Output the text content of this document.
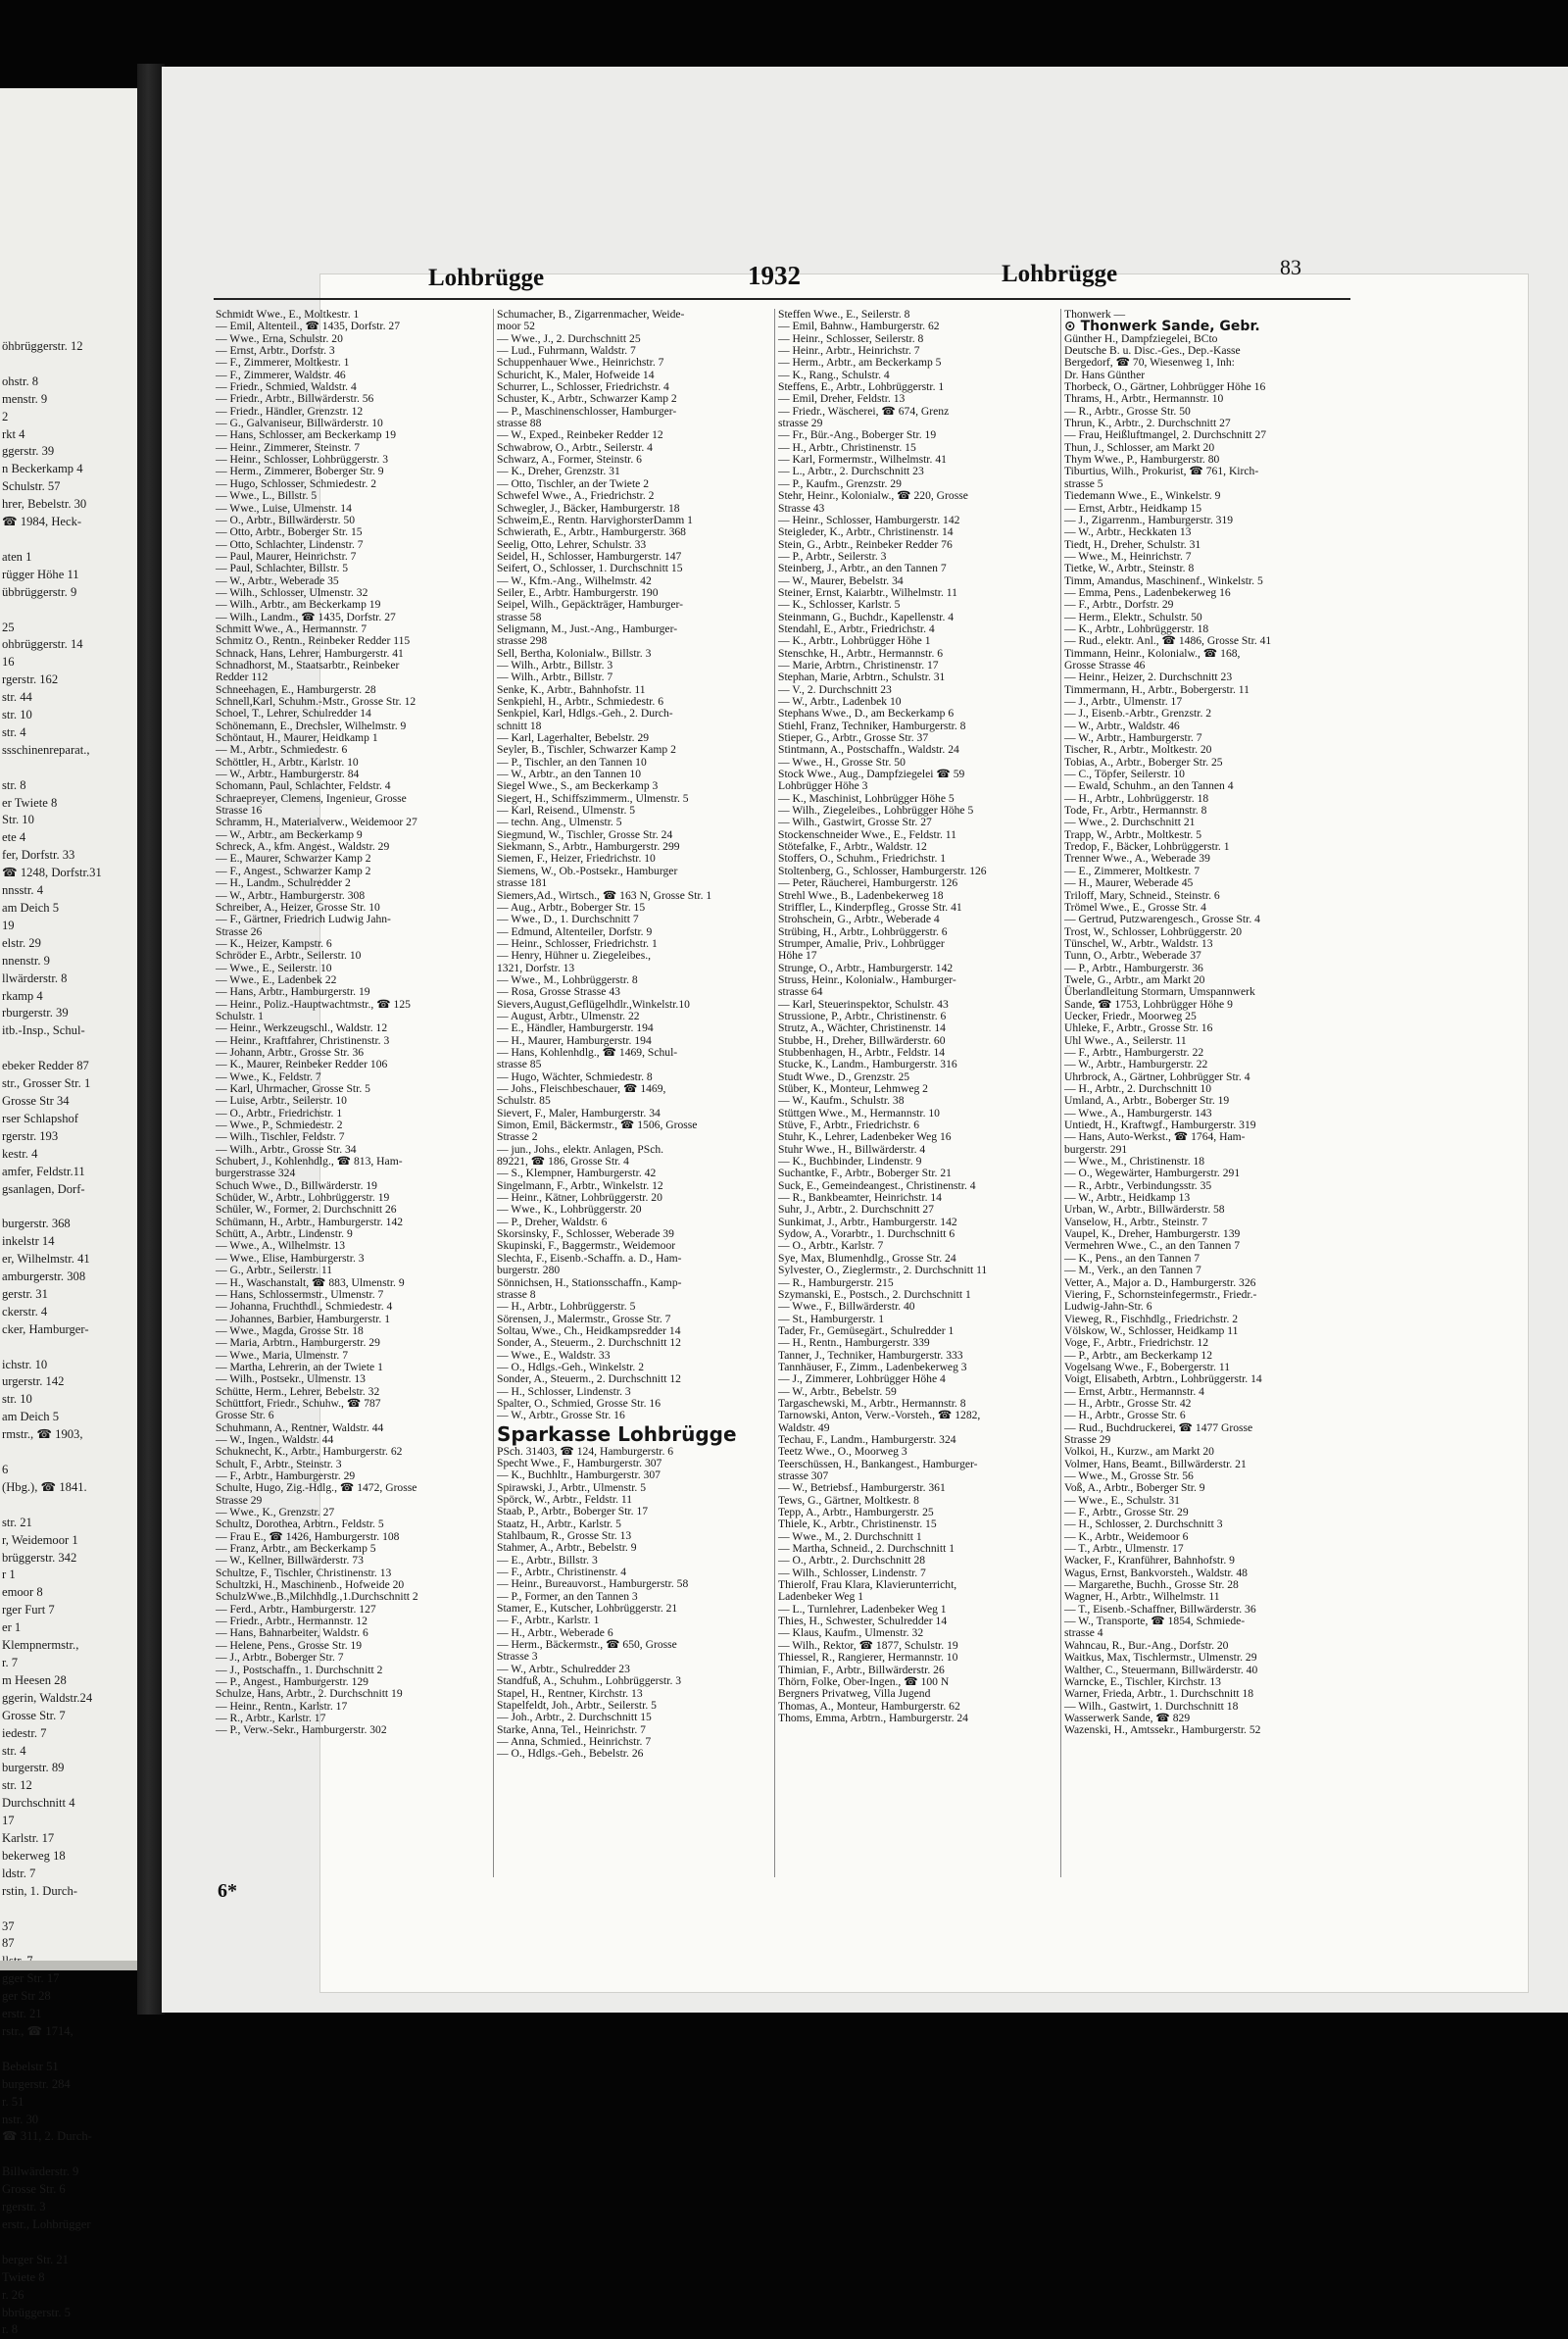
öhbrüggerstr. 12

ohstr. 8
menstr. 9
2
rkt 4
ggerstr. 39
n Beckerkamp 4
Schulstr. 57
hrer, Bebelstr. 30
☎ 1984, Heck-

aten 1
rügger Höhe 11
übbrüggerstr. 9

25
ohbrüggerstr. 14
16
rgerstr. 162
str. 44
str. 10
str. 4
ssschinenreparat.,

str. 8
er Twiete 8
Str. 10
ete 4
fer, Dorfstr. 33
☎ 1248, Dorfstr.31
nnsstr. 4
am Deich 5
19
elstr. 29
nnenstr. 9
llwärderstr. 8
rkamp 4
rburgerstr. 39
itb.-Insp., Schul-

ebeker Redder 87
str., Grosser Str. 1
Grosse Str 34
rser Schlapshof
rgerstr. 193
kestr. 4
amfer, Feldstr.11
gsanlagen, Dorf-

burgerstr. 368
inkelstr 14
er, Wilhelmstr. 41
amburgerstr. 308
gerstr. 31
ckerstr. 4
cker, Hamburger-

ichstr. 10
urgerstr. 142
str. 10
am Deich 5
rmstr., ☎ 1903,

6
(Hbg.), ☎ 1841.

str. 21
r, Weidemoor 1
brüggerstr. 342
r 1
emoor 8
rger Furt 7
er 1
Klempnermstr.,
r. 7
m Heesen 28
ggerin, Waldstr.24
Grosse Str. 7
iedestr. 7
str. 4
burgerstr. 89
str. 12
Durchschnitt 4
17
Karlstr. 17
bekerweg 18
ldstr. 7
rstin, 1. Durch-

37
87
gger Str. 17
ger Str 28
erstr. 21
rstr., ☎ 1714,

Bebelstr 51
burgerstr. 284
r. 51
nstr. 30
☎ 311, 2. Durch-

Billwärderstr. 9
Grosse Str. 6
rgerstr. 3
erstr., Lohbrügger

berger Str. 21
Twiete 8
r. 26
bbrüggerstr. 5
r. 8
Lohbrügge	1932	Lohbrügge	83
Schmidt Wwe., E., Moltkestr. 1
— Emil, Altenteil., ☎ 1435, Dorfstr. 27
— Wwe., Erna, Schulstr. 20
— Ernst, Arbtr., Dorfstr. 3
— F., Zimmerer, Moltkestr. 1
— F., Zimmerer, Waldstr. 46
— Friedr., Schmied, Waldstr. 4
— Friedr., Arbtr., Billwärderstr. 56
— Friedr., Händler, Grenzstr. 12
— G., Galvaniseur, Billwärderstr. 10
— Hans, Schlosser, am Beckerkamp 19
— Heinr., Zimmerer, Steinstr. 7
— Heinr., Schlosser, Lohbrüggerstr. 3
— Herm., Zimmerer, Boberger Str. 9
— Hugo, Schlosser, Schmiedestr. 2
— Wwe., L., Billstr. 5
— Wwe., Luise, Ulmenstr. 14
— O., Arbtr., Billwärderstr. 50
— Otto, Arbtr., Boberger Str. 15
— Otto, Schlachter, Lindenstr. 7
— Paul, Maurer, Heinrichstr. 7
— Paul, Schlachter, Billstr. 5
— W., Arbtr., Weberade 35
— Wilh., Schlosser, Ulmenstr. 32
— Wilh., Arbtr., am Beckerkamp 19
— Wilh., Landm., ☎ 1435, Dorfstr. 27
Schmitt Wwe., A., Hermannstr. 7
Schmitz O., Rentn., Reinbeker Redder 115
Schnack, Hans, Lehrer, Hamburgerstr. 41
Schnadhorst, M., Staatsarbtr., Reinbeker
Redder 112
Schneehagen, E., Hamburgerstr. 28
Schnell,Karl, Schuhm.-Mstr., Grosse Str. 12
Schoel, T., Lehrer, Schulredder 14
Schönemann, E., Drechsler, Wilhelmstr. 9
Schöntaut, H., Maurer, Heidkamp 1
— M., Arbtr., Schmiedestr. 6
Schöttler, H., Arbtr., Karlstr. 10
— W., Arbtr., Hamburgerstr. 84
Schomann, Paul, Schlachter, Feldstr. 4
Schraepreyer, Clemens, Ingenieur, Grosse
Strasse 16
Schramm, H., Materialverw., Weidemoor 27
— W., Arbtr., am Beckerkamp 9
Schreck, A., kfm. Angest., Waldstr. 29
— E., Maurer, Schwarzer Kamp 2
— F., Angest., Schwarzer Kamp 2
— H., Landm., Schulredder 2
— W., Arbtr., Hamburgerstr. 308
Schreiber, A., Heizer, Grosse Str. 10
— F., Gärtner, Friedrich Ludwig Jahn-
Strasse 26
— K., Heizer, Kampstr. 6
Schröder E., Arbtr., Seilerstr. 10
— Wwe., E., Seilerstr. 10
— Wwe., E., Ladenbek 22
— Hans, Arbtr., Hamburgerstr. 19
— Heinr., Poliz.-Hauptwachtmstr., ☎ 125
Schulstr. 1
— Heinr., Werkzeugschl., Waldstr. 12
— Heinr., Kraftfahrer, Christinenstr. 3
— Johann, Arbtr., Grosse Str. 36
— K., Maurer, Reinbeker Redder 106
— Wwe., K., Feldstr. 7
— Karl, Uhrmacher, Grosse Str. 5
— Luise, Arbtr., Seilerstr. 10
— O., Arbtr., Friedrichstr. 1
— Wwe., P., Schmiedestr. 2
— Wilh., Tischler, Feldstr. 7
— Wilh., Arbtr., Grosse Str. 34
Schubert, J., Kohlenhdlg., ☎ 813, Ham-
burgerstrasse 324
Schuch Wwe., D., Billwärderstr. 19
Schüder, W., Arbtr., Lohbrüggerstr. 19
Schüler, W., Former, 2. Durchschnitt 26
Schümann, H., Arbtr., Hamburgerstr. 142
Schütt, A., Arbtr., Lindenstr. 9
— Wwe., A., Wilhelmstr. 13
— Wwe., Elise, Hamburgerstr. 3
— G., Arbtr., Seilerstr. 11
— H., Waschanstalt, ☎ 883, Ulmenstr. 9
— Hans, Schlossermstr., Ulmenstr. 7
— Johanna, Fruchthdl., Schmiedestr. 4
— Johannes, Barbier, Hamburgerstr. 1
— Wwe., Magda, Grosse Str. 18
— Maria, Arbtrn., Hamburgerstr. 29
— Wwe., Maria, Ulmenstr. 7
— Martha, Lehrerin, an der Twiete 1
— Wilh., Postsekr., Ulmenstr. 13
Schütte, Herm., Lehrer, Bebelstr. 32
Schüttfort, Friedr., Schuhw., ☎ 787
Grosse Str. 6
Schuhmann, A., Rentner, Waldstr. 44
— W., Ingen., Waldstr. 44
Schuknecht, K., Arbtr., Hamburgerstr. 62
Schult, F., Arbtr., Steinstr. 3
— F., Arbtr., Hamburgerstr. 29
Schulte, Hugo, Zig.-Hdlg., ☎ 1472, Grosse
Strasse 29
— Wwe., K., Grenzstr. 27
Schultz, Dorothea, Arbtrn., Feldstr. 5
— Frau E., ☎ 1426, Hamburgerstr. 108
— Franz, Arbtr., am Beckerkamp 5
— W., Kellner, Billwärderstr. 73
Schultze, F., Tischler, Christinenstr. 13
Schultzki, H., Maschinenb., Hofweide 20
SchulzWwe.,B.,Milchhdlg.,1.Durchschnitt 2
— Ferd., Arbtr., Hamburgerstr. 127
— Friedr., Arbtr., Hermannstr. 12
— Hans, Bahnarbeiter, Waldstr. 6
— Helene, Pens., Grosse Str. 19
— J., Arbtr., Boberger Str. 7
— J., Postschaffn., 1. Durchschnitt 2
— P., Angest., Hamburgerstr. 129
Schulze, Hans, Arbtr., 2. Durchschnitt 19
— Heinr., Rentn., Karlstr. 17
— R., Arbtr., Karlstr. 17
— P., Verw.-Sekr., Hamburgerstr. 302
Schumacher, B., Zigarrenmacher, Weide-
moor 52
— Wwe., J., 2. Durchschnitt 25
— Lud., Fuhrmann, Waldstr. 7
Schuppenhauer Wwe., Heinrichstr. 7
Schuricht, K., Maler, Hofweide 14
Schurrer, L., Schlosser, Friedrichstr. 4
Schuster, K., Arbtr., Schwarzer Kamp 2
— P., Maschinenschlosser, Hamburger-
strasse 88
— W., Exped., Reinbeker Redder 12
Schwabrow, O., Arbtr., Seilerstr. 4
Schwarz, A., Former, Steinstr. 6
— K., Dreher, Grenzstr. 31
— Otto, Tischler, an der Twiete 2
Schwefel Wwe., A., Friedrichstr. 2
Schwegler, J., Bäcker, Hamburgerstr. 18
Schweim,E., Rentn. HarvighorsterDamm 1
Schwierath, E., Arbtr., Hamburgerstr. 368
Seelig, Otto, Lehrer, Schulstr. 33
Seidel, H., Schlosser, Hamburgerstr. 147
Seifert, O., Schlosser, 1. Durchschnitt 15
— W., Kfm.-Ang., Wilhelmstr. 42
Seiler, E., Arbtr. Hamburgerstr. 190
Seipel, Wilh., Gepäckträger, Hamburger-
strasse 58
Seligmann, M., Just.-Ang., Hamburger-
strasse 298
Sell, Bertha, Kolonialw., Billstr. 3
— Wilh., Arbtr., Billstr. 3
— Wilh., Arbtr., Billstr. 7
Senke, K., Arbtr., Bahnhofstr. 11
Senkpiehl, H., Arbtr., Schmiedestr. 6
Senkpiel, Karl, Hdlgs.-Geh., 2. Durch-
schnitt 18
— Karl, Lagerhalter, Bebelstr. 29
Seyler, B., Tischler, Schwarzer Kamp 2
— P., Tischler, an den Tannen 10
— W., Arbtr., an den Tannen 10
Siegel Wwe., S., am Beckerkamp 3
Siegert, H., Schiffszimmerm., Ulmenstr. 5
— Karl, Reisend., Ulmenstr. 5
— techn. Ang., Ulmenstr. 5
Siegmund, W., Tischler, Grosse Str. 24
Siekmann, S., Arbtr., Hamburgerstr. 299
Siemen, F., Heizer, Friedrichstr. 10
Siemens, W., Ob.-Postsekr., Hamburger
strasse 181
Siemers,Ad., Wirtsch., ☎ 163 N, Grosse Str. 1
— Aug., Arbtr., Boberger Str. 15
— Wwe., D., 1. Durchschnitt 7
— Edmund, Altenteiler, Dorfstr. 9
— Heinr., Schlosser, Friedrichstr. 1
— Henry, Hühner u. Ziegeleibes.,
1321, Dorfstr. 13
— Wwe., M., Lohbrüggerstr. 8
— Rosa, Grosse Strasse 43
Sievers,August,Geflügelhdlr.,Winkelstr.10
— August, Arbtr., Ulmenstr. 22
— E., Händler, Hamburgerstr. 194
— H., Maurer, Hamburgerstr. 194
— Hans, Kohlenhdlg., ☎ 1469, Schul-
strasse 85
— Hugo, Wächter, Schmiedestr. 8
— Johs., Fleischbeschauer, ☎ 1469,
Schulstr. 85
Sievert, F., Maler, Hamburgerstr. 34
Simon, Emil, Bäckermstr., ☎ 1506, Grosse
Strasse 2
— jun., Johs., elektr. Anlagen, PSch.
89221, ☎ 186, Grosse Str. 4
— S., Klempner, Hamburgerstr. 42
Singelmann, F., Arbtr., Winkelstr. 12
— Heinr., Kätner, Lohbrüggerstr. 20
— Wwe., K., Lohbrüggerstr. 20
— P., Dreher, Waldstr. 6
Skorsinsky, F., Schlosser, Weberade 39
Skupinski, F., Baggermstr., Weidemoor
Slechta, F., Eisenb.-Schaffn. a. D., Ham-
burgerstr. 280
Sönnichsen, H., Stationsschaffn., Kamp-
strasse 8
— H., Arbtr., Lohbrüggerstr. 5
Sörensen, J., Malermstr., Grosse Str. 7
Soltau, Wwe., Ch., Heidkampsredder 14
Sonder, A., Steuerm., 2. Durchschnitt 12
— Wwe., E., Waldstr. 33
— O., Hdlgs.-Geh., Winkelstr. 2
Sonder, A., Steuerm., 2. Durchschnitt 12
— H., Schlosser, Lindenstr. 3
Spalter, O., Schmied, Grosse Str. 16
— W., Arbtr., Grosse Str. 16
Sparkasse Lohbrügge
PSch. 31403, ☎ 124, Hamburgerstr. 6
Specht Wwe., F., Hamburgerstr. 307
— K., Buchhltr., Hamburgerstr. 307
Spirawski, J., Arbtr., Ulmenstr. 5
Spörck, W., Arbtr., Feldstr. 11
Staab, P., Arbtr., Boberger Str. 17
Staatz, H., Arbtr., Karlstr. 5
Stahlbaum, R., Grosse Str. 13
Stahmer, A., Arbtr., Bebelstr. 9
— E., Arbtr., Billstr. 3
— F., Arbtr., Christinenstr. 4
— Heinr., Bureauvorst., Hamburgerstr. 58
— P., Former, an den Tannen 3
Stamer, E., Kutscher, Lohbrüggerstr. 21
— F., Arbtr., Karlstr. 1
— H., Arbtr., Weberade 6
— Herm., Bäckermstr., ☎ 650, Grosse
Strasse 3
— W., Arbtr., Schulredder 23
Standfuß, A., Schuhm., Lohbrüggerstr. 3
Stapel, H., Rentner, Kirchstr. 13
Stapelfeldt, Joh., Arbtr., Seilerstr. 5
— Joh., Arbtr., 2. Durchschnitt 15
Starke, Anna, Tel., Heinrichstr. 7
— Anna, Schmied., Heinrichstr. 7
— O., Hdlgs.-Geh., Bebelstr. 26
Steffen Wwe., E., Seilerstr. 8
— Emil, Bahnw., Hamburgerstr. 62
— Heinr., Schlosser, Seilerstr. 8
— Heinr., Arbtr., Heinrichstr. 7
— Herm., Arbtr., am Beckerkamp 5
— K., Rang., Schulstr. 4
Steffens, E., Arbtr., Lohbrüggerstr. 1
— Emil, Dreher, Feldstr. 13
— Friedr., Wäscherei, ☎ 674, Grenz
strasse 29
— Fr., Bür.-Ang., Boberger Str. 19
— H., Arbtr., Christinenstr. 15
— Karl, Formermstr., Wilhelmstr. 41
— L., Arbtr., 2. Durchschnitt 23
— P., Kaufm., Grenzstr. 29
Stehr, Heinr., Kolonialw., ☎ 220, Grosse
Strasse 43
— Heinr., Schlosser, Hamburgerstr. 142
Steigleder, K., Arbtr., Christinenstr. 14
Stein, G., Arbtr., Reinbeker Redder 76
— P., Arbtr., Seilerstr. 3
Steinberg, J., Arbtr., an den Tannen 7
— W., Maurer, Bebelstr. 34
Steiner, Ernst, Kaiarbtr., Wilhelmstr. 11
— K., Schlosser, Karlstr. 5
Steinmann, G., Buchdr., Kapellenstr. 4
Stendahl, E., Arbtr., Friedrichstr. 4
— K., Arbtr., Lohbrügger Höhe 1
Stenschke, H., Arbtr., Hermannstr. 6
— Marie, Arbtrn., Christinenstr. 17
Stephan, Marie, Arbtrn., Schulstr. 31
— V., 2. Durchschnitt 23
— W., Arbtr., Ladenbek 10
Stephans Wwe., D., am Beckerkamp 6
Stiehl, Franz, Techniker, Hamburgerstr. 8
Stieper, G., Arbtr., Grosse Str. 37
Stintmann, A., Postschaffn., Waldstr. 24
— Wwe., H., Grosse Str. 50
Stock Wwe., Aug., Dampfziegelei ☎ 59
Lohbrügger Höhe 3
— K., Maschinist, Lohbrügger Höhe 5
— Wilh., Ziegeleibes., Lohbrügger Höhe 5
— Wilh., Gastwirt, Grosse Str. 27
Stockenschneider Wwe., E., Feldstr. 11
Stötefalke, F., Arbtr., Waldstr. 12
Stoffers, O., Schuhm., Friedrichstr. 1
Stoltenberg, G., Schlosser, Hamburgerstr. 126
— Peter, Räucherei, Hamburgerstr. 126
Strehl Wwe., B., Ladenbekerweg 18
Striffler, L., Kinderpfleg., Grosse Str. 41
Strohschein, G., Arbtr., Weberade 4
Strübing, H., Arbtr., Lohbrüggerstr. 6
Strumper, Amalie, Priv., Lohbrügger
Höhe 17
Strunge, O., Arbtr., Hamburgerstr. 142
Struss, Heinr., Kolonialw., Hamburger-
strasse 64
— Karl, Steuerinspektor, Schulstr. 43
Strussione, P., Arbtr., Christinenstr. 6
Strutz, A., Wächter, Christinenstr. 14
Stubbe, H., Dreher, Billwärderstr. 60
Stubbenhagen, H., Arbtr., Feldstr. 14
Stucke, K., Landm., Hamburgerstr. 316
Studt Wwe., D., Grenzstr. 25
Stüber, K., Monteur, Lehmweg 2
— W., Kaufm., Schulstr. 38
Stüttgen Wwe., M., Hermannstr. 10
Stüve, F., Arbtr., Friedrichstr. 6
Stuhr, K., Lehrer, Ladenbeker Weg 16
Stuhr Wwe., H., Billwärderstr. 4
— K., Buchbinder, Lindenstr. 9
Suchantke, F., Arbtr., Boberger Str. 21
Suck, E., Gemeindeangest., Christinenstr. 4
— R., Bankbeamter, Heinrichstr. 14
Suhr, J., Arbtr., 2. Durchschnitt 27
Sunkimat, J., Arbtr., Hamburgerstr. 142
Sydow, A., Vorarbtr., 1. Durchschnitt 6
— O., Arbtr., Karlstr. 7
Sye, Max, Blumenhdlg., Grosse Str. 24
Sylvester, O., Zieglermstr., 2. Durchschnitt 11
— R., Hamburgerstr. 215
Szymanski, E., Postsch., 2. Durchschnitt 1
— Wwe., F., Billwärderstr. 40
— St., Hamburgerstr. 1
Tader, Fr., Gemüsegärt., Schulredder 1
— H., Rentn., Hamburgerstr. 339
Tanner, J., Techniker, Hamburgerstr. 333
Tannhäuser, F., Zimm., Ladenbekerweg 3
— J., Zimmerer, Lohbrügger Höhe 4
— W., Arbtr., Bebelstr. 59
Targaschewski, M., Arbtr., Hermannstr. 8
Tarnowski, Anton, Verw.-Vorsteh., ☎ 1282,
Waldstr. 49
Techau, F., Landm., Hamburgerstr. 324
Teetz Wwe., O., Moorweg 3
Teerschüssen, H., Bankangest., Hamburger-
strasse 307
— W., Betriebsf., Hamburgerstr. 361
Tews, G., Gärtner, Moltkestr. 8
Tepp, A., Arbtr., Hamburgerstr. 25
Thiele, K., Arbtr., Christinenstr. 15
— Wwe., M., 2. Durchschnitt 1
— Martha, Schneid., 2. Durchschnitt 1
— O., Arbtr., 2. Durchschnitt 28
— Wilh., Schlosser, Lindenstr. 7
Thierolf, Frau Klara, Klavierunterricht,
Ladenbeker Weg 1
— L., Turnlehrer, Ladenbeker Weg 1
Thies, H., Schwester, Schulredder 14
— Klaus, Kaufm., Ulmenstr. 32
— Wilh., Rektor, ☎ 1877, Schulstr. 19
Thiessel, R., Rangierer, Hermannstr. 10
Thimian, F., Arbtr., Billwärderstr. 26
Thörn, Folke, Ober-Ingen., ☎ 100 N
Bergners Privatweg, Villa Jugend
Thomas, A., Monteur, Hamburgerstr. 62
Thoms, Emma, Arbtrn., Hamburgerstr. 24
Thonwerk —
⊙ Thonwerk Sande, Gebr.
Günther H., Dampfziegelei, BCto
Deutsche B. u. Disc.-Ges., Dep.-Kasse
Bergedorf, ☎ 70, Wiesenweg 1, Inh:
Dr. Hans Günther
Thorbeck, O., Gärtner, Lohbrügger Höhe 16
Thrams, H., Arbtr., Hermannstr. 10
— R., Arbtr., Grosse Str. 50
Thrun, K., Arbtr., 2. Durchschnitt 27
— Frau, Heißluftmangel, 2. Durchschnitt 27
Thun, J., Schlosser, am Markt 20
Thym Wwe., P., Hamburgerstr. 80
Tiburtius, Wilh., Prokurist, ☎ 761, Kirch-
strasse 5
Tiedemann Wwe., E., Winkelstr. 9
— Ernst, Arbtr., Heidkamp 15
— J., Zigarrenm., Hamburgerstr. 319
— W., Arbtr., Heckkaten 13
Tiedt, H., Dreher, Schulstr. 31
— Wwe., M., Heinrichstr. 7
Tietke, W., Arbtr., Steinstr. 8
Timm, Amandus, Maschinenf., Winkelstr. 5
— Emma, Pens., Ladenbekerweg 16
— F., Arbtr., Dorfstr. 29
— Herm., Elektr., Schulstr. 50
— K., Arbtr., Lohbrüggerstr. 18
— Rud., elektr. Anl., ☎ 1486, Grosse Str. 41
Timmann, Heinr., Kolonialw., ☎ 168,
Grosse Strasse 46
— Heinr., Heizer, 2. Durchschnitt 23
Timmermann, H., Arbtr., Bobergerstr. 11
— J., Arbtr., Ulmenstr. 17
— J., Eisenb.-Arbtr., Grenzstr. 2
— W., Arbtr., Waldstr. 46
— W., Arbtr., Hamburgerstr. 7
Tischer, R., Arbtr., Moltkestr. 20
Tobias, A., Arbtr., Boberger Str. 25
— C., Töpfer, Seilerstr. 10
— Ewald, Schuhm., an den Tannen 4
— H., Arbtr., Lohbrüggerstr. 18
Tode, Fr., Arbtr., Hermannstr. 8
— Wwe., 2. Durchschnitt 21
Trapp, W., Arbtr., Moltkestr. 5
Tredop, F., Bäcker, Lohbrüggerstr. 1
Trenner Wwe., A., Weberade 39
— E., Zimmerer, Moltkestr. 7
— H., Maurer, Weberade 45
Triloff, Mary, Schneid., Steinstr. 6
Trömel Wwe., E., Grosse Str. 4
— Gertrud, Putzwarengesch., Grosse Str. 4
Trost, W., Schlosser, Lohbrüggerstr. 20
Tünschel, W., Arbtr., Waldstr. 13
Tunn, O., Arbtr., Weberade 37
— P., Arbtr., Hamburgerstr. 36
Twele, G., Arbtr., am Markt 20
Überlandleitung Stormarn, Umspannwerk
Sande, ☎ 1753, Lohbrügger Höhe 9
Uecker, Friedr., Moorweg 25
Uhleke, F., Arbtr., Grosse Str. 16
Uhl Wwe., A., Seilerstr. 11
— F., Arbtr., Hamburgerstr. 22
— W., Arbtr., Hamburgerstr. 22
Uhrbrock, A., Gärtner, Lohbrügger Str. 4
— H., Arbtr., 2. Durchschnitt 10
Umland, A., Arbtr., Boberger Str. 19
— Wwe., A., Hamburgerstr. 143
Untiedt, H., Kraftwgf., Hamburgerstr. 319
— Hans, Auto-Werkst., ☎ 1764, Ham-
burgerstr. 291
— Wwe., M., Christinenstr. 18
— O., Wegewärter, Hamburgerstr. 291
— R., Arbtr., Verbindungsstr. 35
— W., Arbtr., Heidkamp 13
Urban, W., Arbtr., Billwärderstr. 58
Vanselow, H., Arbtr., Steinstr. 7
Vaupel, K., Dreher, Hamburgerstr. 139
Vermehren Wwe., C., an den Tannen 7
— K., Pens., an den Tannen 7
— M., Verk., an den Tannen 7
Vetter, A., Major a. D., Hamburgerstr. 326
Viering, F., Schornsteinfegermstr., Friedr.-
Ludwig-Jahn-Str. 6
Vieweg, R., Fischhdlg., Friedrichstr. 2
Völskow, W., Schlosser, Heidkamp 11
Voge, F., Arbtr., Friedrichstr. 12
— P., Arbtr., am Beckerkamp 12
Vogelsang Wwe., F., Bobergerstr. 11
Voigt, Elisabeth, Arbtrn., Lohbrüggerstr. 14
— Ernst, Arbtr., Hermannstr. 4
— H., Arbtr., Grosse Str. 42
— H., Arbtr., Grosse Str. 6
— Rud., Buchdruckerei, ☎ 1477 Grosse
Strasse 29
Volkoi, H., Kurzw., am Markt 20
Volmer, Hans, Beamt., Billwärderstr. 21
— Wwe., M., Grosse Str. 56
Voß, A., Arbtr., Boberger Str. 9
— Wwe., E., Schulstr. 31
— F., Arbtr., Grosse Str. 29
— H., Schlosser, 2. Durchschnitt 3
— K., Arbtr., Weidemoor 6
— T., Arbtr., Ulmenstr. 17
Wacker, F., Kranführer, Bahnhofstr. 9
Wagus, Ernst, Bankvorsteh., Waldstr. 48
— Margarethe, Buchh., Grosse Str. 28
Wagner, H., Arbtr., Wilhelmstr. 11
— T., Eisenb.-Schaffner, Billwärderstr. 36
— W., Transporte, ☎ 1854, Schmiede-
strasse 4
Wahncau, R., Bur.-Ang., Dorfstr. 20
Waitkus, Max, Tischlermstr., Ulmenstr. 29
Walther, C., Steuermann, Billwärderstr. 40
Warncke, E., Tischler, Kirchstr. 13
Warner, Frieda, Arbtr., 1. Durchschnitt 18
— Wilh., Gastwirt, 1. Durchschnitt 18
Wasserwerk Sande, ☎ 829
Wazenski, H., Amtssekr., Hamburgerstr. 52
6*
